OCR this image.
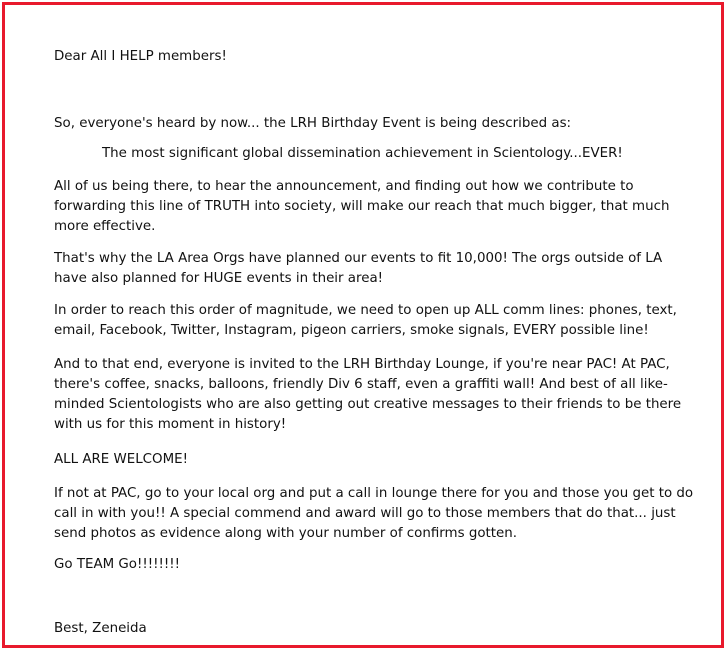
Dear All I HELP members!

So, everyone's heard by now... the LRH Birthday Event is being described as:

The most significant global dissemination achievement in Scientology...EVER!

All of us being there, to hear the announcement, and finding out how we contribute to forwarding this line of TRUTH into society, will make our reach that much bigger, that much more effective.

That's why the LA Area Orgs have planned our events to fit 10,000! The orgs outside of LA have also planned for HUGE events in their area!

In order to reach this order of magnitude, we need to open up ALL comm lines: phones, text, email, Facebook, Twitter, Instagram, pigeon carriers, smoke signals, EVERY possible line!

And to that end, everyone is invited to the LRH Birthday Lounge, if you're near PAC! At PAC, there's coffee, snacks, balloons, friendly Div 6 staff, even a graffiti wall! And best of all like-minded Scientologists who are also getting out creative messages to their friends to be there with us for this moment in history!

ALL ARE WELCOME!

If not at PAC, go to your local org and put a call in lounge there for you and those you get to do call in with you!! A special commend and award will go to those members that do that... just send photos as evidence along with your number of confirms gotten.

Go TEAM Go!!!!!!!!

Best, Zeneida
